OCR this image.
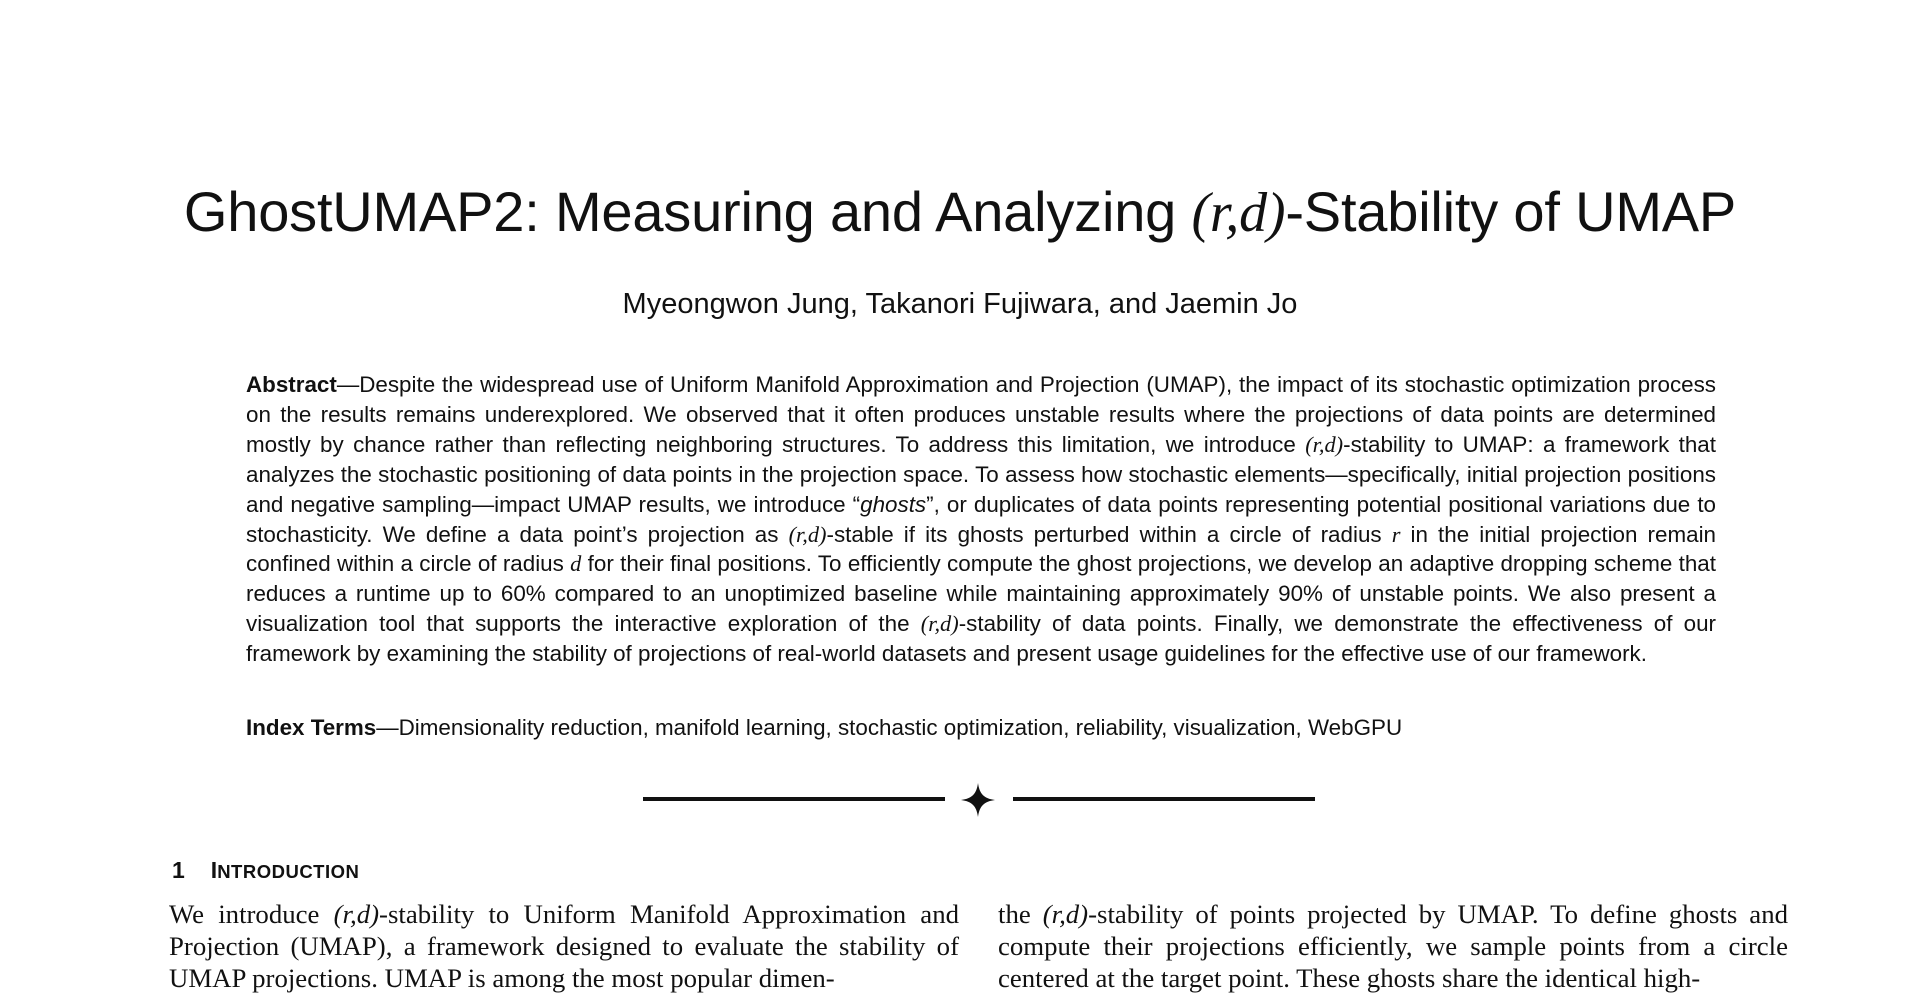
GhostUMAP2: Measuring and Analyzing (r,d)-Stability of UMAP
Myeongwon Jung, Takanori Fujiwara, and Jaemin Jo

Abstract—Despite the widespread use of Uniform Manifold Approximation and Projection (UMAP), the impact of its stochastic optimization process on the results remains underexplored. We observed that it often produces unstable results where the projections of data points are determined mostly by chance rather than reflecting neighboring structures. To address this limitation, we introduce (r,d)-stability to UMAP: a framework that analyzes the stochastic positioning of data points in the projection space. To assess how stochastic elements—specifically, initial projection positions and negative sampling—impact UMAP results, we introduce “ghosts”, or duplicates of data points representing potential positional variations due to stochasticity. We define a data point’s projection as (r,d)-stable if its ghosts perturbed within a circle of radius r in the initial projection remain confined within a circle of radius d for their final positions. To efficiently compute the ghost projections, we develop an adaptive dropping scheme that reduces a runtime up to 60% compared to an unoptimized baseline while maintaining approximately 90% of unstable points. We also present a visualization tool that supports the interactive exploration of the (r,d)-stability of data points. Finally, we demonstrate the effectiveness of our framework by examining the stability of projections of real-world datasets and present usage guidelines for the effective use of our framework.

Index Terms—Dimensionality reduction, manifold learning, stochastic optimization, reliability, visualization, WebGPU

1 INTRODUCTION

We introduce (r,d)-stability to Uniform Manifold Approximation and Projection (UMAP), a framework designed to evaluate the stability of UMAP projections. UMAP is among the most popular dimen-

the (r,d)-stability of points projected by UMAP. To define ghosts and compute their projections efficiently, we sample points from a circle centered at the target point. These ghosts share the identical high-
